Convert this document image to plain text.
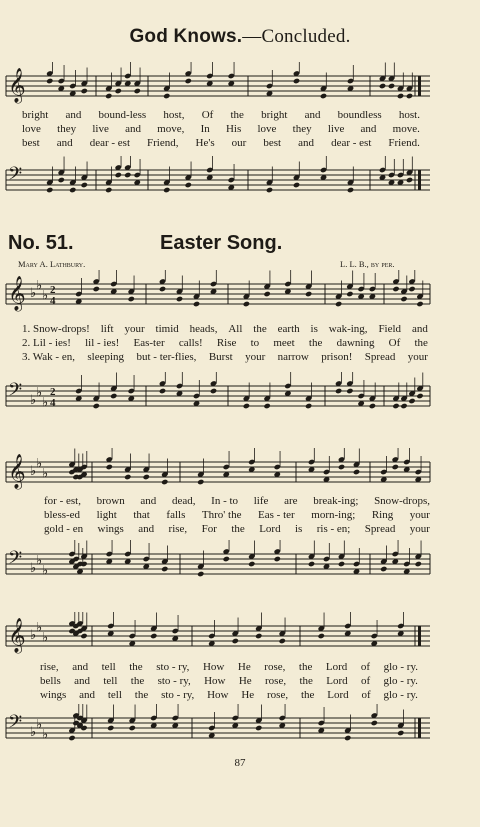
God Knows.—Concluded.
𝄞
bright and bound-less host, Of the bright and boundless host.
love they live and move, In His love they live and move.
best and dear - est Friend, He's our best and dear - est Friend.
𝄢
No. 51.	Easter Song.
Mary A. Lathbury.	L. L. B., by per.
𝄞 ♭ ♭
♭ 2
4
1. Snow-drops! lift your timid heads, All the earth is wak-ing, Field and
2. Lil - ies! lil - ies! Eas-ter calls! Rise to meet the dawning Of the
3. Wak - en, sleeping but - ter-flies, Burst your narrow prison! Spread your
𝄢 ♭ ♭
♭
2
4
𝄞 ♭ ♭
♭
for - est, brown and dead, In - to life are break-ing; Snow-drops,
bless-ed light that falls Thro' the Eas - ter morn-ing; Ring your
gold - en wings and rise, For the Lord is ris - en; Spread your
𝄢 ♭ ♭
♭
𝄞 ♭ ♭
♭
rise, and tell the sto - ry, How He rose, the Lord of glo - ry.
bells and tell the sto - ry, How He rose, the Lord of glo - ry.
wings and tell the sto - ry, How He rose, the Lord of glo - ry.
𝄢 ♭ ♭
♭
87
